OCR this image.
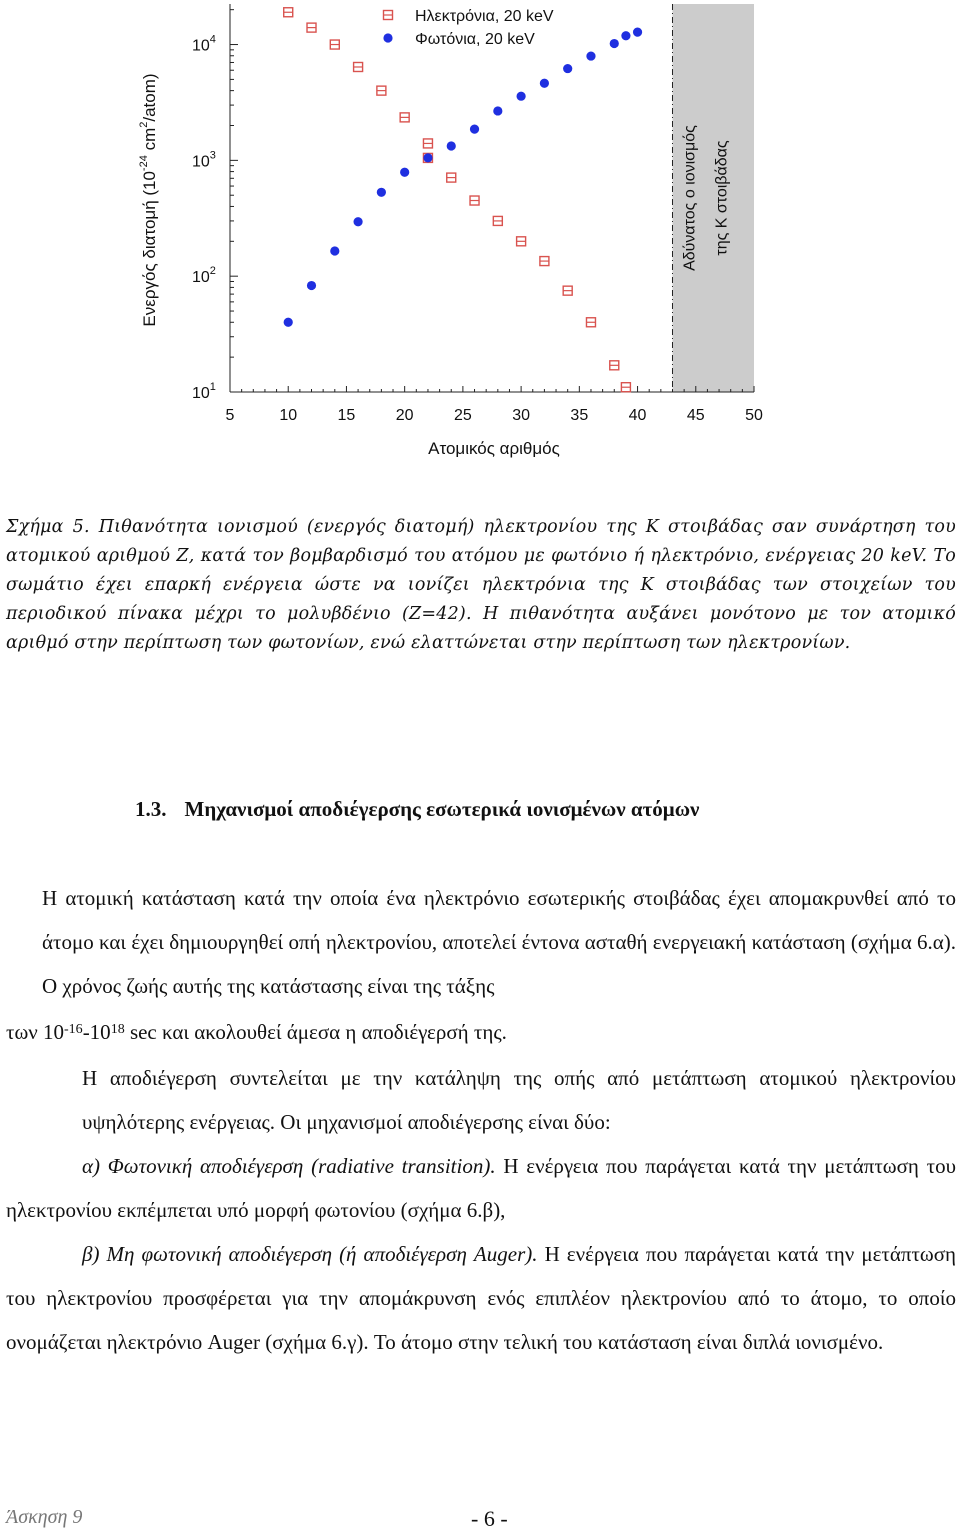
Αδύνατος ο ιονισμός της Κ στοιβάδας
5	10	15	20	25	30	35	40	45	50
$10^1$
$10^2$
$10^3$
$10^4$
Ατομικός αριθμός
Ενεργός διατομή ($10^{-24}$ $cm^2/atom$)
Ηλεκτρόνια, 20 keV
Φωτόνια, 20 keV
Σχήμα 5. Πιθανότητα ιονισμού (ενεργός διατομή) ηλεκτρονίου της Κ στοιβάδας σαν συνάρτηση του ατομικού αριθμού Ζ, κατά τον βομβαρδισμό του ατόμου με φωτόνιο ή ηλεκτρόνιο, ενέργειας 20 keV. Το σωμάτιο έχει επαρκή ενέργεια ώστε να ιονίζει ηλεκτρόνια της Κ στοιβάδας των στοιχείων του περιοδικού πίνακα μέχρι το μολυβδένιο (Ζ=42). Η πιθανότητα αυξάνει μονότονο με τον ατομικό αριθμό στην περίπτωση των φωτονίων, ενώ ελαττώνεται στην περίπτωση των ηλεκτρονίων.
1.3. Μηχανισμοί αποδιέγερσης εσωτερικά ιονισμένων ατόμων
Η ατομική κατάσταση κατά την οποία ένα ηλεκτρόνιο εσωτερικής στοιβάδας έχει απομακρυνθεί από το άτομο και έχει δημιουργηθεί οπή ηλεκτρονίου, αποτελεί έντονα ασταθή ενεργειακή κατάσταση (σχήμα 6.α). Ο χρόνος ζωής αυτής της κατάστασης είναι της τάξης
των $10^{-16}-10^{18}$ sec και ακολουθεί άμεσα η αποδιέγερσή της.
Η αποδιέγερση συντελείται με την κατάληψη της οπής από μετάπτωση ατομικού ηλεκτρονίου υψηλότερης ενέργειας. Οι μηχανισμοί αποδιέγερσης είναι δύο:
α) Φωτονική αποδιέγερση (radiative transition). Η ενέργεια που παράγεται κατά την μετάπτωση του ηλεκτρονίου εκπέμπεται υπό μορφή φωτονίου (σχήμα 6.β),
β) Μη φωτονική αποδιέγερση (ή αποδιέγερση Auger). Η ενέργεια που παράγεται κατά την μετάπτωση του ηλεκτρονίου προσφέρεται για την απομάκρυνση ενός επιπλέον ηλεκτρονίου από το άτομο, το οποίο ονομάζεται ηλεκτρόνιο Auger (σχήμα 6.γ). Το άτομο στην τελική του κατάσταση είναι διπλά ιονισμένο.
Άσκηση 9	- 6 -
